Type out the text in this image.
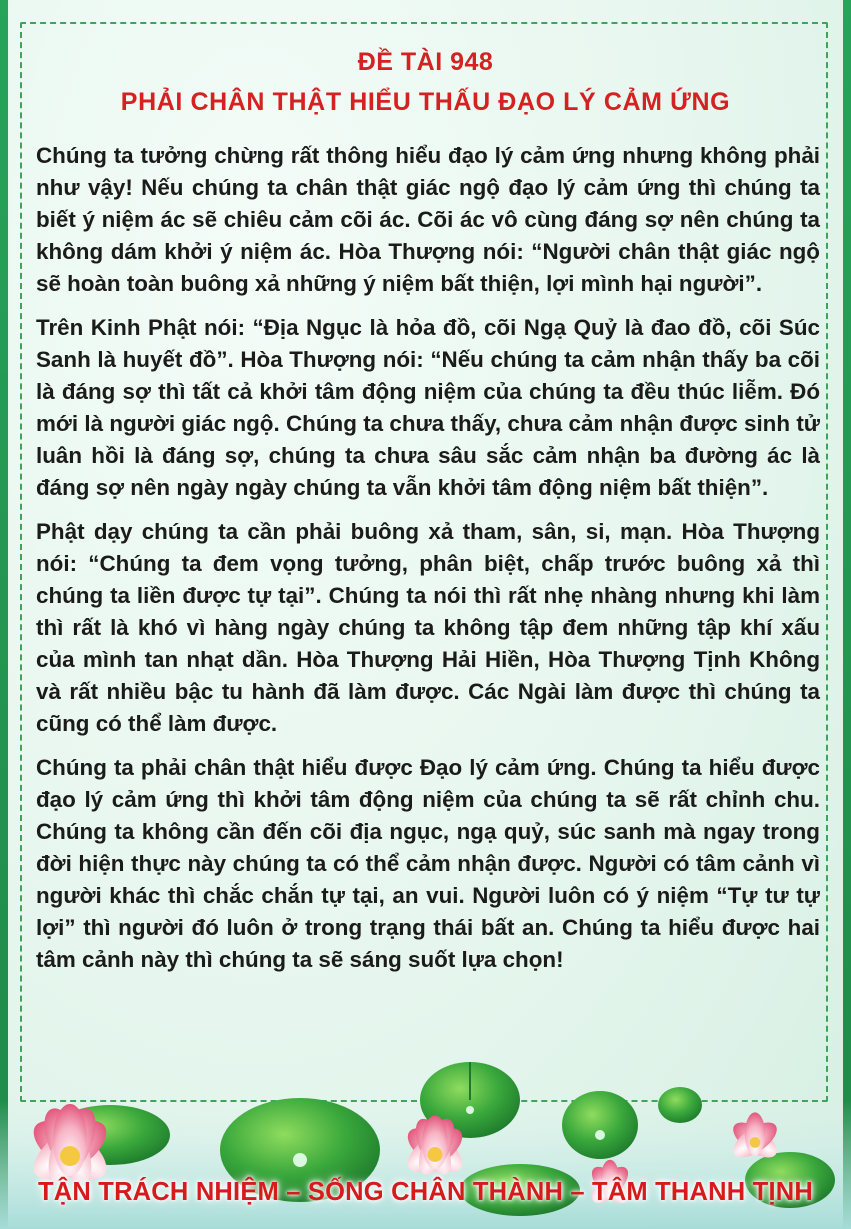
ĐỀ TÀI 948
PHẢI CHÂN THẬT HIỂU THẤU ĐẠO LÝ CẢM ỨNG

Chúng ta tưởng chừng rất thông hiểu đạo lý cảm ứng nhưng không phải như vậy! Nếu chúng ta chân thật giác ngộ đạo lý cảm ứng thì chúng ta biết ý niệm ác sẽ chiêu cảm cõi ác. Cõi ác vô cùng đáng sợ nên chúng ta không dám khởi ý niệm ác. Hòa Thượng nói: “Người chân thật giác ngộ sẽ hoàn toàn buông xả những ý niệm bất thiện, lợi mình hại người”.

Trên Kinh Phật nói: “Địa Ngục là hỏa đồ, cõi Ngạ Quỷ là đao đồ, cõi Súc Sanh là huyết đồ”. Hòa Thượng nói: “Nếu chúng ta cảm nhận thấy ba cõi là đáng sợ thì tất cả khởi tâm động niệm của chúng ta đều thúc liễm. Đó mới là người giác ngộ. Chúng ta chưa thấy, chưa cảm nhận được sinh tử luân hồi là đáng sợ, chúng ta chưa sâu sắc cảm nhận ba đường ác là đáng sợ nên ngày ngày chúng ta vẫn khởi tâm động niệm bất thiện”.

Phật dạy chúng ta cần phải buông xả tham, sân, si, mạn. Hòa Thượng nói: “Chúng ta đem vọng tưởng, phân biệt, chấp trước buông xả thì chúng ta liền được tự tại”. Chúng ta nói thì rất nhẹ nhàng nhưng khi làm thì rất là khó vì hàng ngày chúng ta không tập đem những tập khí xấu của mình tan nhạt dần. Hòa Thượng Hải Hiền, Hòa Thượng Tịnh Không và rất nhiều bậc tu hành đã làm được. Các Ngài làm được thì chúng ta cũng có thể làm được.

Chúng ta phải chân thật hiểu được Đạo lý cảm ứng. Chúng ta hiểu được đạo lý cảm ứng thì khởi tâm động niệm của chúng ta sẽ rất chỉnh chu. Chúng ta không cần đến cõi địa ngục, ngạ quỷ, súc sanh mà ngay trong đời hiện thực này chúng ta có thể cảm nhận được. Người có tâm cảnh vì người khác thì chắc chắn tự tại, an vui. Người luôn có ý niệm “Tự tư tự lợi” thì người đó luôn ở trong trạng thái bất an. Chúng ta hiểu được hai tâm cảnh này thì chúng ta sẽ sáng suốt lựa chọn!

TẬN TRÁCH NHIỆM – SỐNG CHÂN THÀNH – TÂM THANH TỊNH
